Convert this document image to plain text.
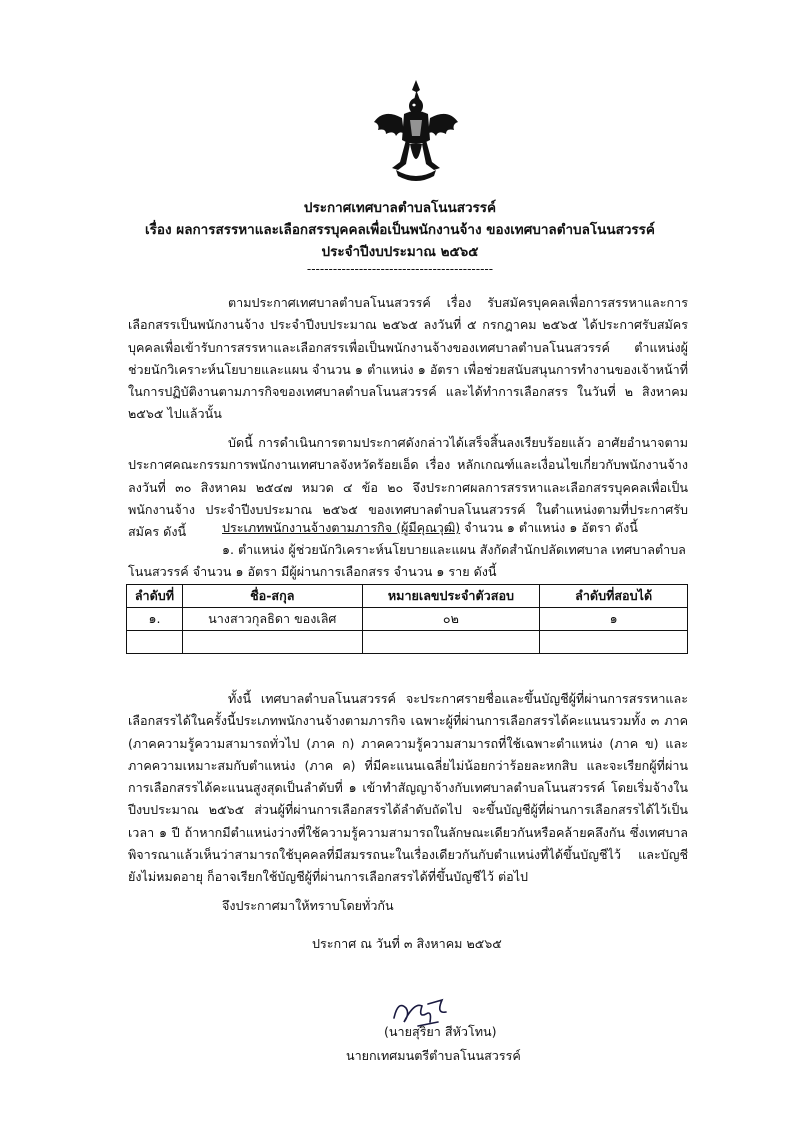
ประกาศเทศบาลตำบลโนนสวรรค์
เรื่อง ผลการสรรหาและเลือกสรรบุคคลเพื่อเป็นพนักงานจ้าง ของเทศบาลตำบลโนนสวรรค์
ประจำปีงบประมาณ ๒๕๖๕
-------------------------------------------

ตามประกาศเทศบาลตำบลโนนสวรรค์ เรื่อง รับสมัครบุคคลเพื่อการสรรหาและการเลือกสรรเป็นพนักงานจ้าง ประจำปีงบประมาณ ๒๕๖๕ ลงวันที่ ๕ กรกฎาคม ๒๕๖๕ ได้ประกาศรับสมัครบุคคลเพื่อเข้ารับการสรรหาและเลือกสรรเพื่อเป็นพนักงานจ้างของเทศบาลตำบลโนนสวรรค์ ตำแหน่งผู้ช่วยนักวิเคราะห์นโยบายและแผน จำนวน ๑ ตำแหน่ง ๑ อัตรา เพื่อช่วยสนับสนุนการทำงานของเจ้าหน้าที่ในการปฏิบัติงานตามภารกิจของเทศบาลตำบลโนนสวรรค์ และได้ทำการเลือกสรร ในวันที่ ๒ สิงหาคม ๒๕๖๕ ไปแล้วนั้น

บัดนี้ การดำเนินการตามประกาศดังกล่าวได้เสร็จสิ้นลงเรียบร้อยแล้ว อาศัยอำนาจตามประกาศคณะกรรมการพนักงานเทศบาลจังหวัดร้อยเอ็ด เรื่อง หลักเกณฑ์และเงื่อนไขเกี่ยวกับพนักงานจ้าง ลงวันที่ ๓๐ สิงหาคม ๒๕๔๗ หมวด ๔ ข้อ ๒๐ จึงประกาศผลการสรรหาและเลือกสรรบุคคลเพื่อเป็นพนักงานจ้าง ประจำปีงบประมาณ ๒๕๖๕ ของเทศบาลตำบลโนนสวรรค์ ในตำแหน่งตามที่ประกาศรับสมัคร ดังนี้	ประเภทพนักงานจ้างตามภารกิจ (ผู้มีคุณวุฒิ) จำนวน ๑ ตำแหน่ง ๑ อัตรา ดังนี้
๑. ตำแหน่ง ผู้ช่วยนักวิเคราะห์นโยบายและแผน สังกัดสำนักปลัดเทศบาล เทศบาลตำบล
โนนสวรรค์ จำนวน ๑ อัตรา มีผู้ผ่านการเลือกสรร จำนวน ๑ ราย ดังนี้
ลำดับที่	ชื่อ-สกุล	หมายเลขประจำตัวสอบ	ลำดับที่สอบได้
๑.	นางสาวกุลธิดา ของเลิศ	๐๒	๑

ทั้งนี้ เทศบาลตำบลโนนสวรรค์ จะประกาศรายชื่อและขึ้นบัญชีผู้ที่ผ่านการสรรหาและเลือกสรรได้ในครั้งนี้ประเภทพนักงานจ้างตามภารกิจ เฉพาะผู้ที่ผ่านการเลือกสรรได้คะแนนรวมทั้ง ๓ ภาค (ภาคความรู้ความสามารถทั่วไป (ภาค ก) ภาคความรู้ความสามารถที่ใช้เฉพาะตำแหน่ง (ภาค ข) และภาคความเหมาะสมกับตำแหน่ง (ภาค ค) ที่มีคะแนนเฉลี่ยไม่น้อยกว่าร้อยละหกสิบ และจะเรียกผู้ที่ผ่านการเลือกสรรได้คะแนนสูงสุดเป็นลำดับที่ ๑ เข้าทำสัญญาจ้างกับเทศบาลตำบลโนนสวรรค์ โดยเริ่มจ้างในปีงบประมาณ ๒๕๖๕ ส่วนผู้ที่ผ่านการเลือกสรรได้ลำดับถัดไป จะขึ้นบัญชีผู้ที่ผ่านการเลือกสรรได้ไว้เป็นเวลา ๑ ปี ถ้าหากมีตำแหน่งว่างที่ใช้ความรู้ความสามารถในลักษณะเดียวกันหรือคล้ายคลึงกัน ซึ่งเทศบาลพิจารณาแล้วเห็นว่าสามารถใช้บุคคลที่มีสมรรถนะในเรื่องเดียวกันกับตำแหน่งที่ได้ขึ้นบัญชีไว้ และบัญชียังไม่หมดอายุ ก็อาจเรียกใช้บัญชีผู้ที่ผ่านการเลือกสรรได้ที่ขึ้นบัญชีไว้ ต่อไป

จึงประกาศมาให้ทราบโดยทั่วกัน
ประกาศ ณ วันที่ ๓ สิงหาคม ๒๕๖๕
(นายสุริยา สีหัวโทน)
นายกเทศมนตรีตำบลโนนสวรรค์
